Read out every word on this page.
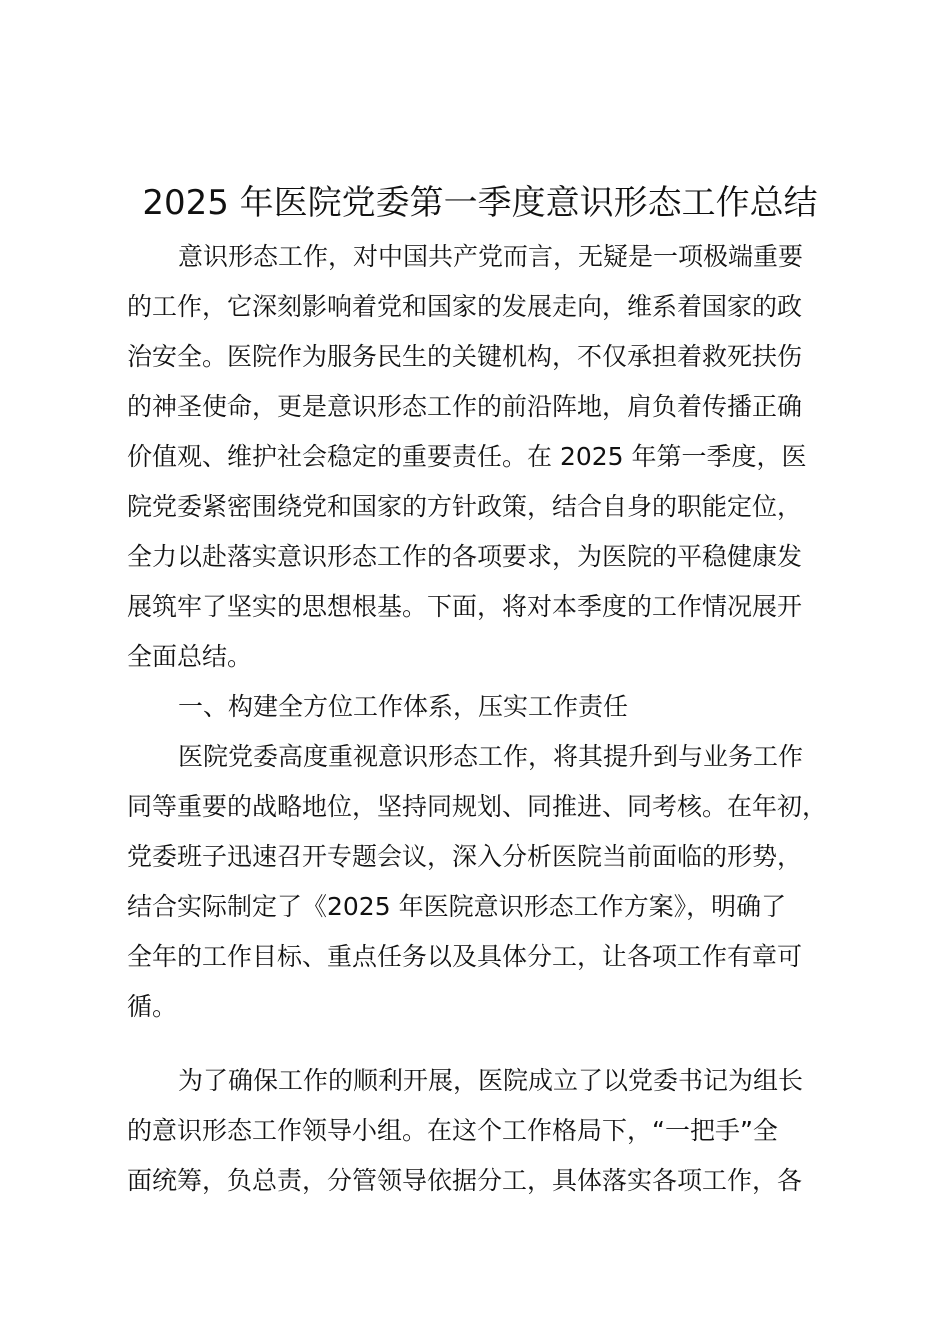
2025 年医院党委第一季度意识形态工作总结
意识形态工作，对中国共产党而言，无疑是一项极端重要
的工作，它深刻影响着党和国家的发展走向，维系着国家的政
治安全。医院作为服务民生的关键机构，不仅承担着救死扶伤
的神圣使命，更是意识形态工作的前沿阵地，肩负着传播正确
价值观、维护社会稳定的重要责任。在 2025 年第一季度，医
院党委紧密围绕党和国家的方针政策，结合自身的职能定位，
全力以赴落实意识形态工作的各项要求，为医院的平稳健康发
展筑牢了坚实的思想根基。下面，将对本季度的工作情况展开
全面总结。
一、构建全方位工作体系，压实工作责任
医院党委高度重视意识形态工作，将其提升到与业务工作
同等重要的战略地位，坚持同规划、同推进、同考核。在年初，
党委班子迅速召开专题会议，深入分析医院当前面临的形势，
结合实际制定了《2025 年医院意识形态工作方案》，明确了
全年的工作目标、重点任务以及具体分工，让各项工作有章可
循。
为了确保工作的顺利开展，医院成立了以党委书记为组长
的意识形态工作领导小组。在这个工作格局下，“一把手”全
面统筹，负总责，分管领导依据分工，具体落实各项工作，各
